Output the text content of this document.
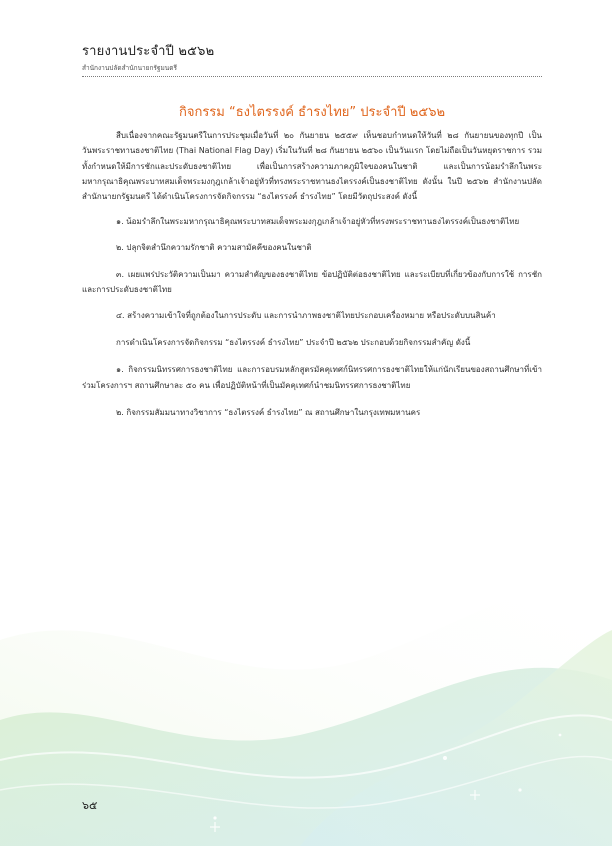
รายงานประจำปี ๒๕๖๒
สำนักงานปลัดสำนักนายกรัฐมนตรี
กิจกรรม “ธงไตรรงค์ ธำรงไทย” ประจำปี ๒๕๖๒

สืบเนื่องจากคณะรัฐมนตรีในการประชุมเมื่อวันที่ ๒๐ กันยายน ๒๕๕๙ เห็นชอบกำหนดให้วันที่ ๒๘ กันยายนของทุกปี เป็นวันพระราชทานธงชาติไทย (Thai National Flag Day) เริ่มในวันที่ ๒๘ กันยายน ๒๕๖๐ เป็นวันแรก โดยไม่ถือเป็นวันหยุดราชการ รวมทั้งกำหนดให้มีการชักและประดับธงชาติไทย เพื่อเป็นการสร้างความภาคภูมิใจของคนในชาติ และเป็นการน้อมรำลึกในพระมหากรุณาธิคุณพระบาทสมเด็จพระมงกุฎเกล้าเจ้าอยู่หัวที่ทรงพระราชทานธงไตรรงค์เป็นธงชาติไทย ดังนั้น ในปี ๒๕๖๒ สำนักงานปลัดสำนักนายกรัฐมนตรี ได้ดำเนินโครงการจัดกิจกรรม “ธงไตรรงค์ ธำรงไทย” โดยมีวัตถุประสงค์ ดังนี้

๑. น้อมรำลึกในพระมหากรุณาธิคุณพระบาทสมเด็จพระมงกุฎเกล้าเจ้าอยู่หัวที่ทรงพระราชทานธงไตรรงค์เป็นธงชาติไทย

๒. ปลุกจิตสำนึกความรักชาติ ความสามัคคีของคนในชาติ

๓. เผยแพร่ประวัติความเป็นมา ความสำคัญของธงชาติไทย ข้อปฏิบัติต่อธงชาติไทย และระเบียบที่เกี่ยวข้องกับการใช้ การชัก และการประดับธงชาติไทย

๔. สร้างความเข้าใจที่ถูกต้องในการประดับ และการนำภาพธงชาติไทยประกอบเครื่องหมาย หรือประดับบนสินค้า

การดำเนินโครงการจัดกิจกรรม “ธงไตรรงค์ ธำรงไทย” ประจำปี ๒๕๖๒ ประกอบด้วยกิจกรรมสำคัญ ดังนี้

๑. กิจกรรมนิทรรศการธงชาติไทย และการอบรมหลักสูตรมัคคุเทศก์นิทรรศการธงชาติไทยให้แก่นักเรียนของสถานศึกษาที่เข้าร่วมโครงการฯ สถานศึกษาละ ๕๐ คน เพื่อปฏิบัติหน้าที่เป็นมัคคุเทศก์นำชมนิทรรศการธงชาติไทย

๒. กิจกรรมสัมมนาทางวิชาการ “ธงไตรรงค์ ธำรงไทย” ณ สถานศึกษาในกรุงเทพมหานคร

๖๕
